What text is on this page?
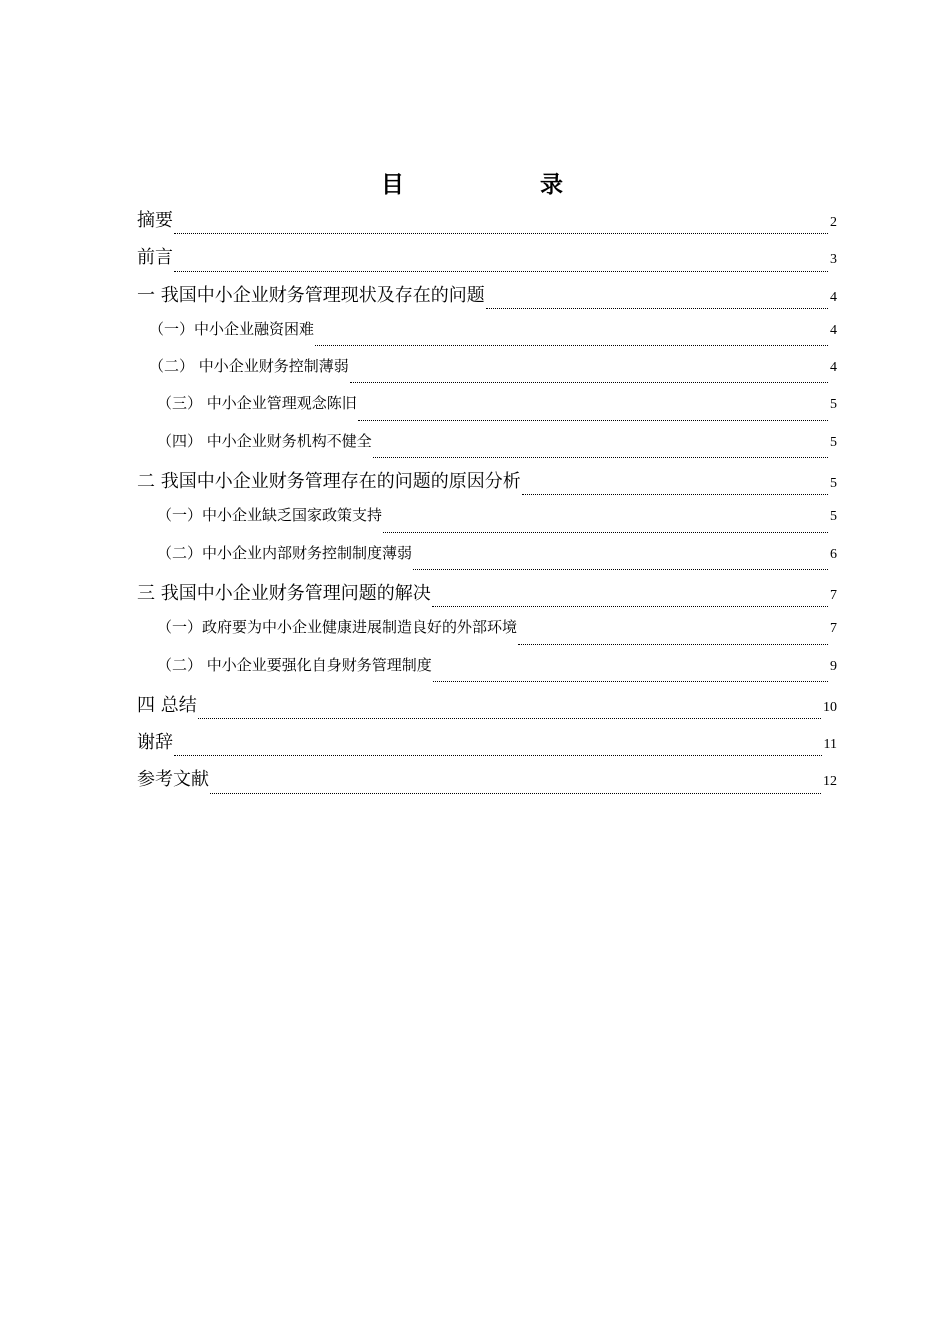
目　　录
摘要	2
前言	3
一 我国中小企业财务管理现状及存在的问题	4
（一）中小企业融资困难	4
（二） 中小企业财务控制薄弱	4
（三） 中小企业管理观念陈旧	5
（四） 中小企业财务机构不健全	5
二 我国中小企业财务管理存在的问题的原因分析	5
（一）中小企业缺乏国家政策支持	5
（二）中小企业内部财务控制制度薄弱	6
三 我国中小企业财务管理问题的解决	7
（一）政府要为中小企业健康进展制造良好的外部环境	7
（二） 中小企业要强化自身财务管理制度	9
四 总结	10
谢辞	11
参考文献	12
